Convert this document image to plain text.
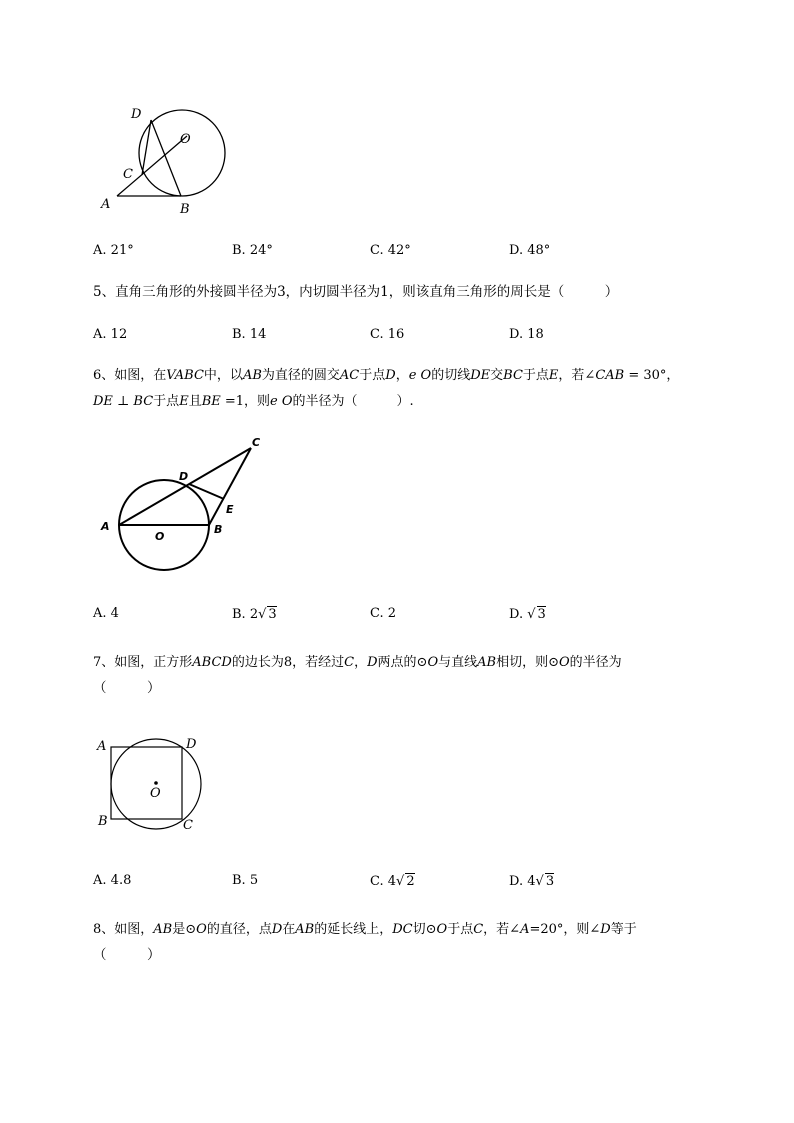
D
O
C
A	B
A. 21°	B. 24°	C. 42°	D. 48°
5、直角三角形的外接圆半径为3，内切圆半径为1，则该直角三角形的周长是（　　　）
A. 12	B. 14	C. 16	D. 18
6、如图，在VABC中，以AB为直径的圆交AC于点D，e O的切线DE交BC于点E，若∠CAB = 30°，
DE ⊥ BC于点E且BE =1，则e O的半径为（　　　）.
C
D
E
A
O
B
A. 4	B. 2√ 3	C. 2	D. √ 3
7、如图，正方形ABCD的边长为8，若经过C，D两点的⊙O与直线AB相切，则⊙O的半径为
（　　　）
A	D
O
B	C
A. 4.8	B. 5	C. 4√ 2	D. 4√ 3
8、如图，AB是⊙O的直径，点D在AB的延长线上，DC切⊙O于点C，若∠A=20°，则∠D等于
（　　　）
